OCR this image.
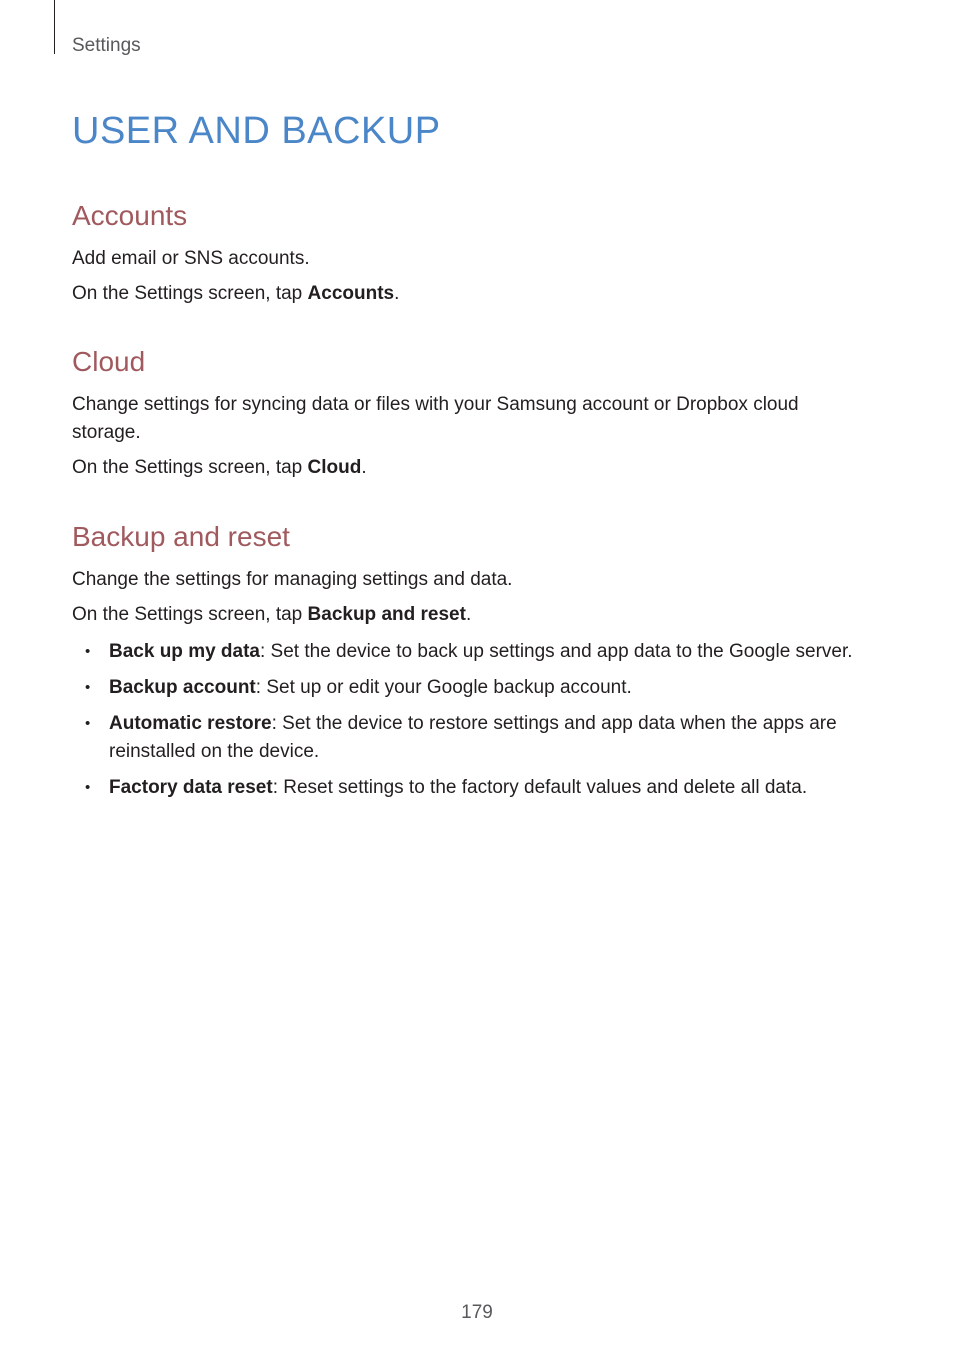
Settings
USER AND BACKUP
Accounts

Add email or SNS accounts.

On the Settings screen, tap Accounts.

Cloud

Change settings for syncing data or files with your Samsung account or Dropbox cloud storage.

On the Settings screen, tap Cloud.

Backup and reset

Change the settings for managing settings and data.

On the Settings screen, tap Backup and reset.

• Back up my data: Set the device to back up settings and app data to the Google server.
• Backup account: Set up or edit your Google backup account.
• Automatic restore: Set the device to restore settings and app data when the apps are reinstalled on the device.
• Factory data reset: Reset settings to the factory default values and delete all data.
179
